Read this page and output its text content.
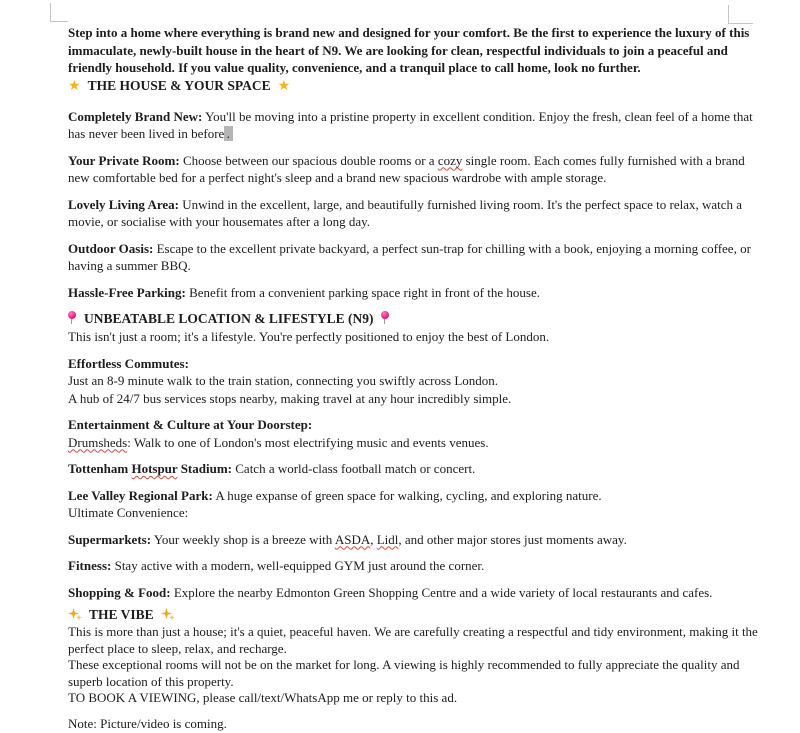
Step into a home where everything is brand new and designed for your comfort. Be the first to experience the luxury of this
immaculate, newly-built house in the heart of N9. We are looking for clean, respectful individuals to join a peaceful and
friendly household. If you value quality, convenience, and a tranquil place to call home, look no further.
★ THE HOUSE & YOUR SPACE ★
Completely Brand New: You'll be moving into a pristine property in excellent condition. Enjoy the fresh, clean feel of a home that
has never been lived in before .
Your Private Room: Choose between our spacious double rooms or a cozy single room. Each comes fully furnished with a brand
new comfortable bed for a perfect night's sleep and a brand new spacious wardrobe with ample storage.
Lovely Living Area: Unwind in the excellent, large, and beautifully furnished living room. It's the perfect space to relax, watch a
movie, or socialise with your housemates after a long day.
Outdoor Oasis: Escape to the excellent private backyard, a perfect sun-trap for chilling with a book, enjoying a morning coffee, or
having a summer BBQ.
Hassle-Free Parking: Benefit from a convenient parking space right in front of the house.
UNBEATABLE LOCATION & LIFESTYLE (N9)
This isn't just a room; it's a lifestyle. You're perfectly positioned to enjoy the best of London.
Effortless Commutes:
Just an 8-9 minute walk to the train station, connecting you swiftly across London.
A hub of 24/7 bus services stops nearby, making travel at any hour incredibly simple.
Entertainment & Culture at Your Doorstep:
Drumsheds: Walk to one of London's most electrifying music and events venues.
Tottenham Hotspur Stadium: Catch a world-class football match or concert.
Lee Valley Regional Park: A huge expanse of green space for walking, cycling, and exploring nature.
Ultimate Convenience:
Supermarkets: Your weekly shop is a breeze with ASDA, Lidl, and other major stores just moments away.
Fitness: Stay active with a modern, well-equipped GYM just around the corner.
Shopping & Food: Explore the nearby Edmonton Green Shopping Centre and a wide variety of local restaurants and cafes.
THE VIBE
This is more than just a house; it's a quiet, peaceful haven. We are carefully creating a respectful and tidy environment, making it the
perfect place to sleep, relax, and recharge.
These exceptional rooms will not be on the market for long. A viewing is highly recommended to fully appreciate the quality and
superb location of this property.
TO BOOK A VIEWING, please call/text/WhatsApp me or reply to this ad.
Note: Picture/video is coming.
